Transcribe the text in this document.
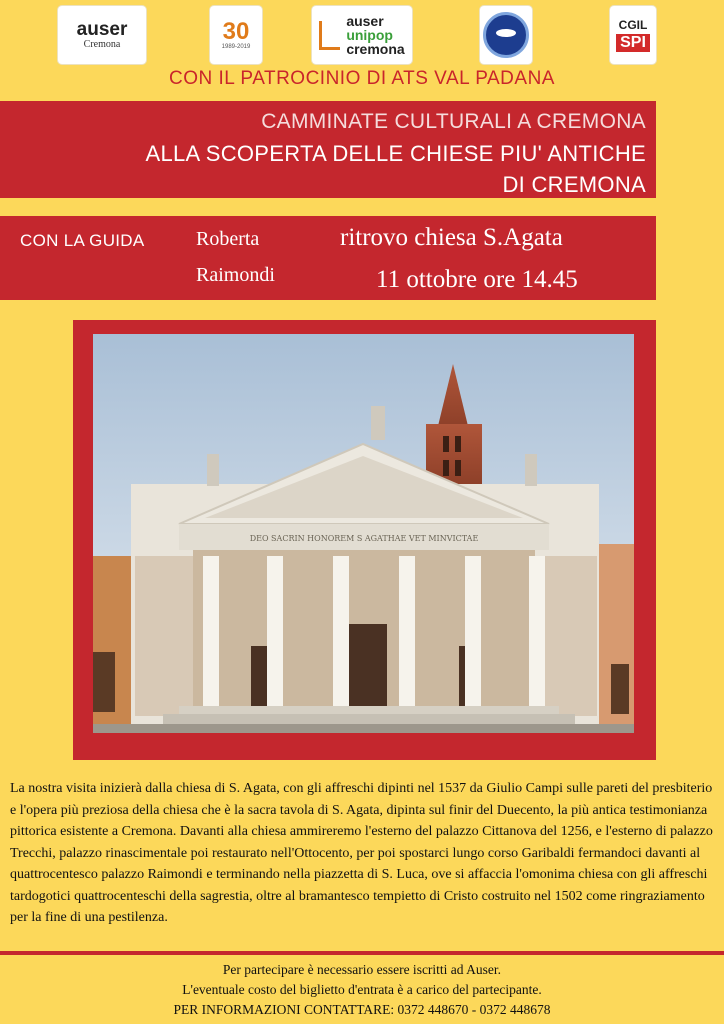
auser
Cremona	30
1989-2019
auser
unipop
cremona
CGIL
SPI
CON IL PATROCINIO DI ATS VAL PADANA
CAMMINATE CULTURALI A CREMONA
ALLA SCOPERTA DELLE CHIESE PIU' ANTICHE
DI CREMONA
CON LA GUIDA	Roberta
Raimondi
ritrovo chiesa S.Agata
11 ottobre ore 14.45
DEO SACRIN HONOREM S AGATHAE VET MINVICTAE
La nostra visita inizierà dalla chiesa di S. Agata, con gli affreschi dipinti nel 1537 da Giulio Campi sulle pareti del presbiterio e l'opera più preziosa della chiesa che è la sacra tavola di S. Agata, dipinta sul finir del Duecento, la più antica testimonianza pittorica esistente a Cremona. Davanti alla chiesa ammireremo l'esterno del palazzo Cittanova del 1256, e l'esterno di palazzo Trecchi, palazzo rinascimentale poi restaurato nell'Ottocento, per poi spostarci lungo corso Garibaldi fermandoci davanti al quattrocentesco palazzo Raimondi e terminando nella piazzetta di S. Luca, ove si affaccia l'omonima chiesa con gli affreschi tardogotici quattrocenteschi della sagrestia, oltre al bramantesco tempietto di Cristo costruito nel 1502 come ringraziamento per la fine di una pestilenza.
Per partecipare è necessario essere iscritti ad Auser.
L'eventuale costo del biglietto d'entrata è a carico del partecipante.
PER INFORMAZIONI CONTATTARE: 0372 448670 - 0372 448678
